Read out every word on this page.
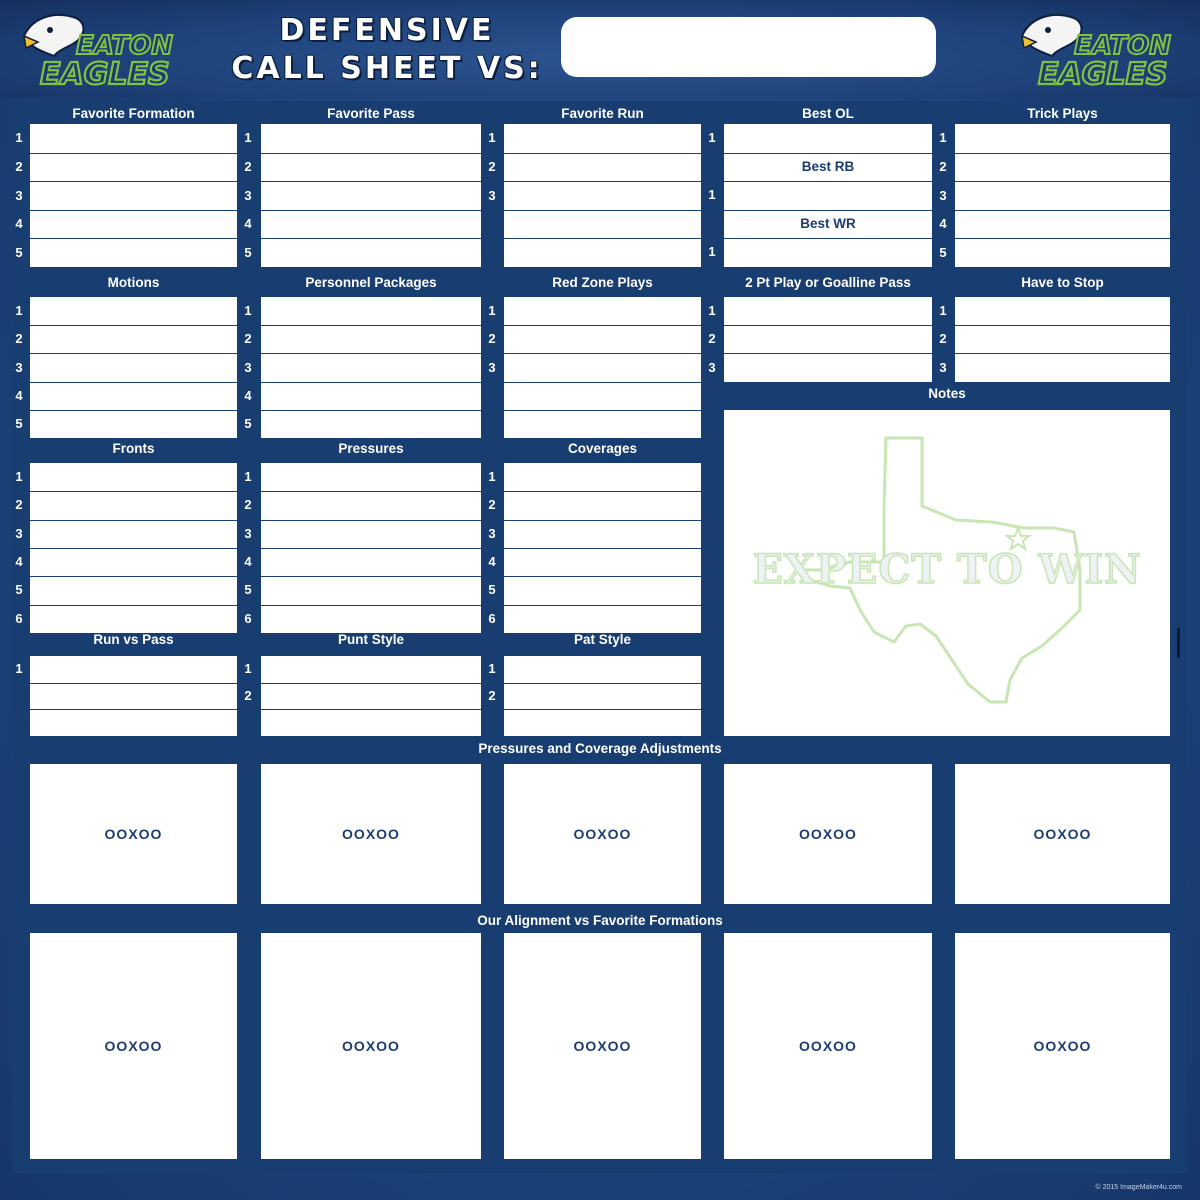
EATON
EAGLES
EATON
EAGLES
DEFENSIVE
CALL SHEET VS:
Favorite Formation
1
2
3
4
5
Favorite Pass
1
2
3
4
5
Favorite Run
1
2
3
Trick Plays
1
2
3
4
5
Best OL
Best RB
Best WR
1
1
1
Motions
1
2
3
4
5
Personnel Packages
1
2
3
4
5
Red Zone Plays
1
2
3
2 Pt Play or Goalline Pass
1
2
3
Have to Stop
1
2
3
Notes
Fronts
1
2
3
4
5
6
Pressures
1
2
3
4
5
6
Coverages
1
2
3
4
5
6
Run vs Pass
1
Punt Style
1
2
Pat Style
1
2
Pressures and Coverage Adjustments
OOXOO	OOXOO	OOXOO	OOXOO	OOXOO
Our Alignment vs Favorite Formations
OOXOO	OOXOO	OOXOO	OOXOO	OOXOO
EXPECT TO WIN
© 2015 ImageMaker4u.com
